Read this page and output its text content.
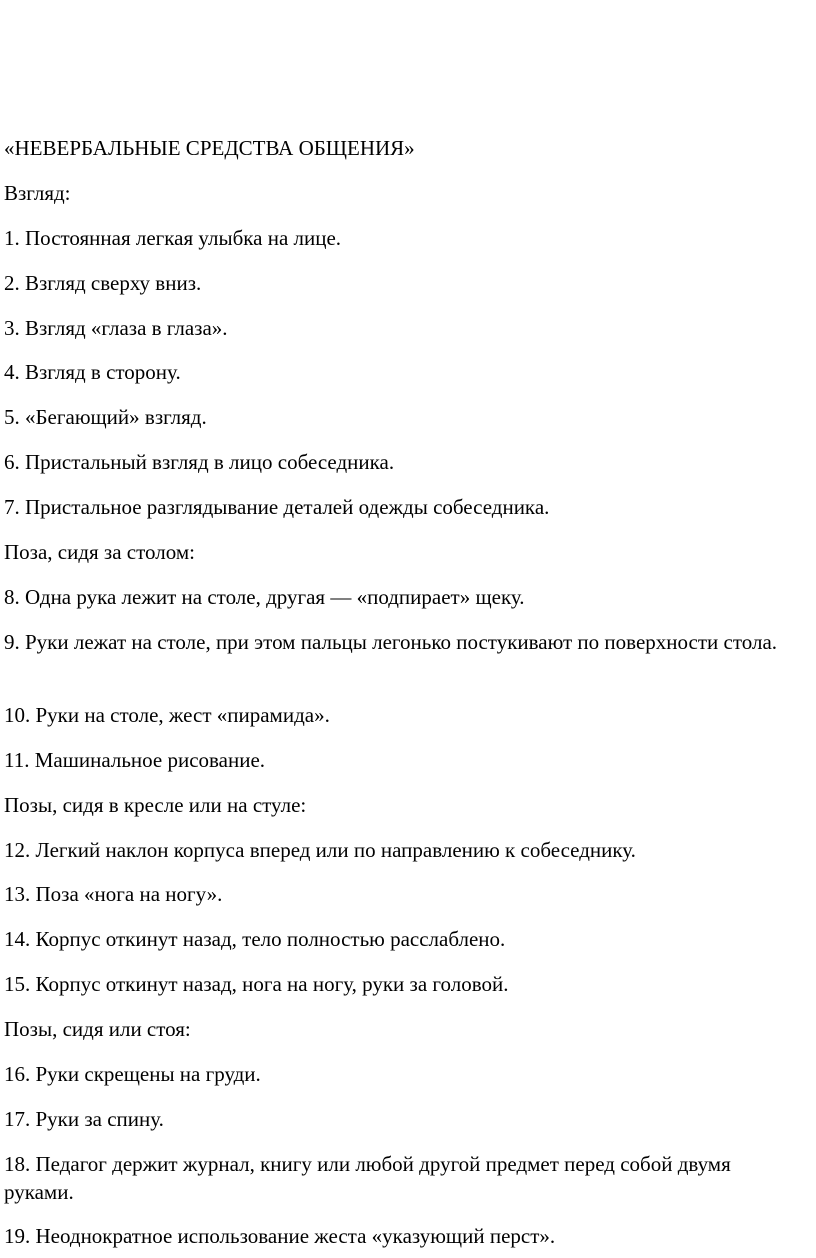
«НЕВЕРБАЛЬНЫЕ СРЕДСТВА ОБЩЕНИЯ»

Взгляд:

1. Постоянная легкая улыбка на лице.

2. Взгляд сверху вниз.

3. Взгляд «глаза в глаза».

4. Взгляд в сторону.

5. «Бегающий» взгляд.

6. Пристальный взгляд в лицо собеседника.

7. Пристальное разглядывание деталей одежды собеседника.

Поза, сидя за столом:

8. Одна рука лежит на столе, другая — «подпирает» щеку.

9. Руки лежат на столе, при этом пальцы легонько постукивают по поверхности стола.

10. Руки на столе, жест «пирамида».

11. Машинальное рисование.

Позы, сидя в кресле или на стуле:

12. Легкий наклон корпуса вперед или по направлению к собеседнику.

13. Поза «нога на ногу».

14. Корпус откинут назад, тело полностью расслаблено.

15. Корпус откинут назад, нога на ногу, руки за головой.

Позы, сидя или стоя:

16. Руки скрещены на груди.

17. Руки за спину.

18. Педагог держит журнал, книгу или любой другой предмет перед собой двумя руками.

19. Неоднократное использование жеста «указующий перст».
